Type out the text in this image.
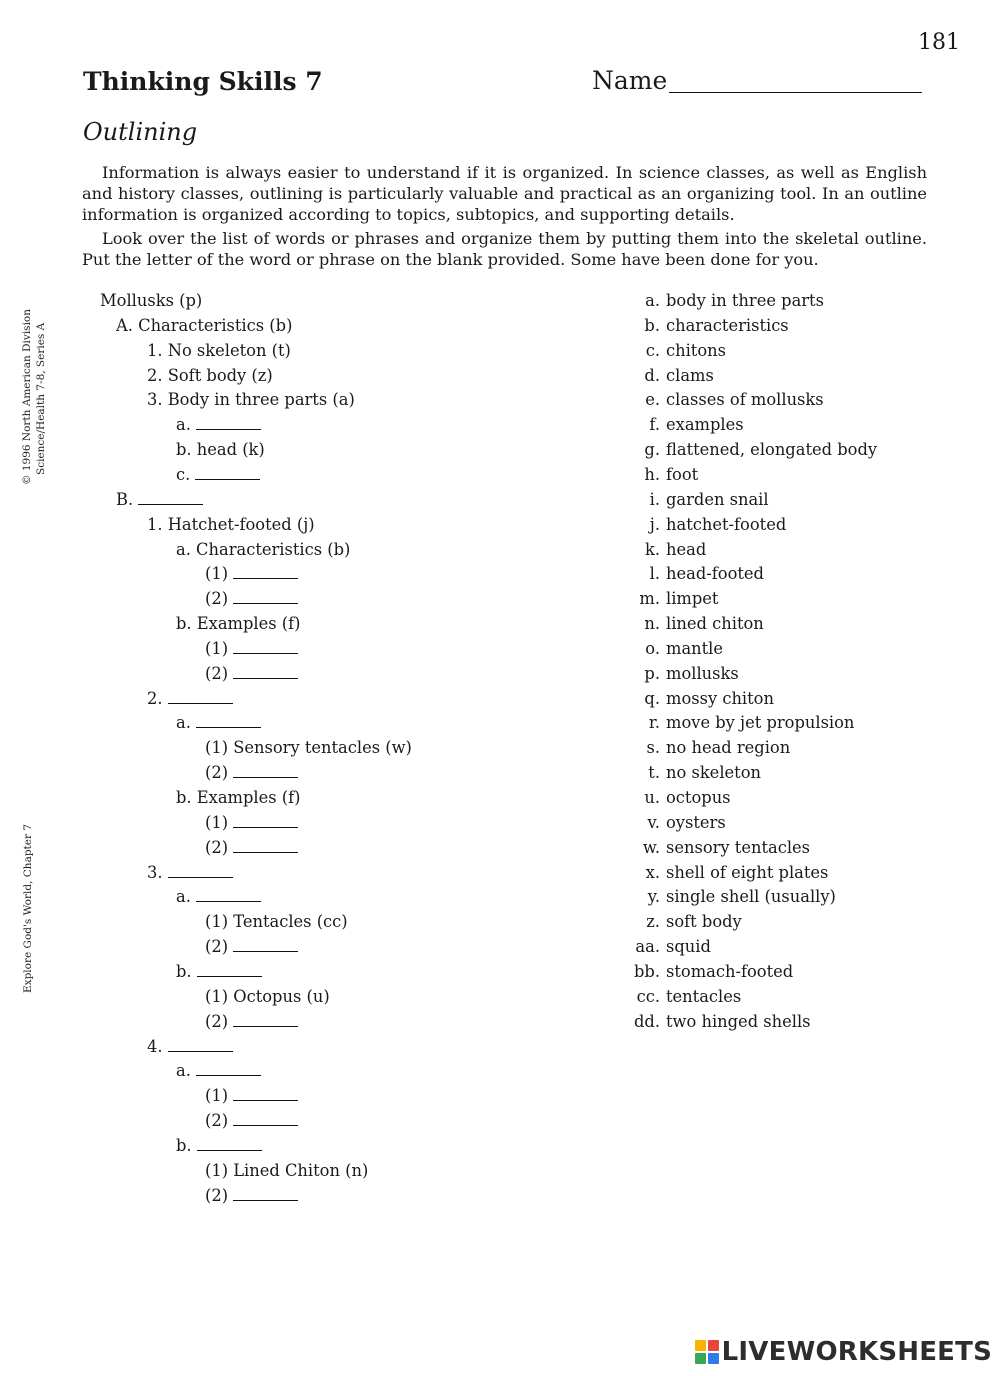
181
Thinking Skills 7	Name
Outlining
Information is always easier to understand if it is organized. In science classes, as well as English and history classes, outlining is particularly valuable and practical as an organizing tool. In an outline information is organized according to topics, subtopics, and supporting details.
Look over the list of words or phrases and organize them by putting them into the skeletal outline. Put the letter of the word or phrase on the blank provided. Some have been done for you.
© 1996 North American Division Science/Health 7-8, Series A
Explore God's World, Chapter 7
Mollusks (p)
A. Characteristics (b)
1. No skeleton (t)
2. Soft body (z)
3. Body in three parts (a)
a.
b. head (k)
c.
B.
1. Hatchet-footed (j)
a. Characteristics (b)
(1)
(2)
b. Examples (f)
(1)
(2)
2.
a.
(1) Sensory tentacles (w)
(2)
b. Examples (f)
(1)
(2)
3.
a.
(1) Tentacles (cc)
(2)
b.
(1) Octopus (u)
(2)
4.
a.
(1)
(2)
b.
(1) Lined Chiton (n)
(2)
a. body in three parts
b. characteristics
c. chitons
d. clams
e. classes of mollusks
f. examples
g. flattened, elongated body
h. foot
i. garden snail
j. hatchet-footed
k. head
l. head-footed
m. limpet
n. lined chiton
o. mantle
p. mollusks
q. mossy chiton
r. move by jet propulsion
s. no head region
t. no skeleton
u. octopus
v. oysters
w. sensory tentacles
x. shell of eight plates
y. single shell (usually)
z. soft body
aa. squid
bb. stomach-footed
cc. tentacles
dd. two hinged shells
LIVEWORKSHEETS
